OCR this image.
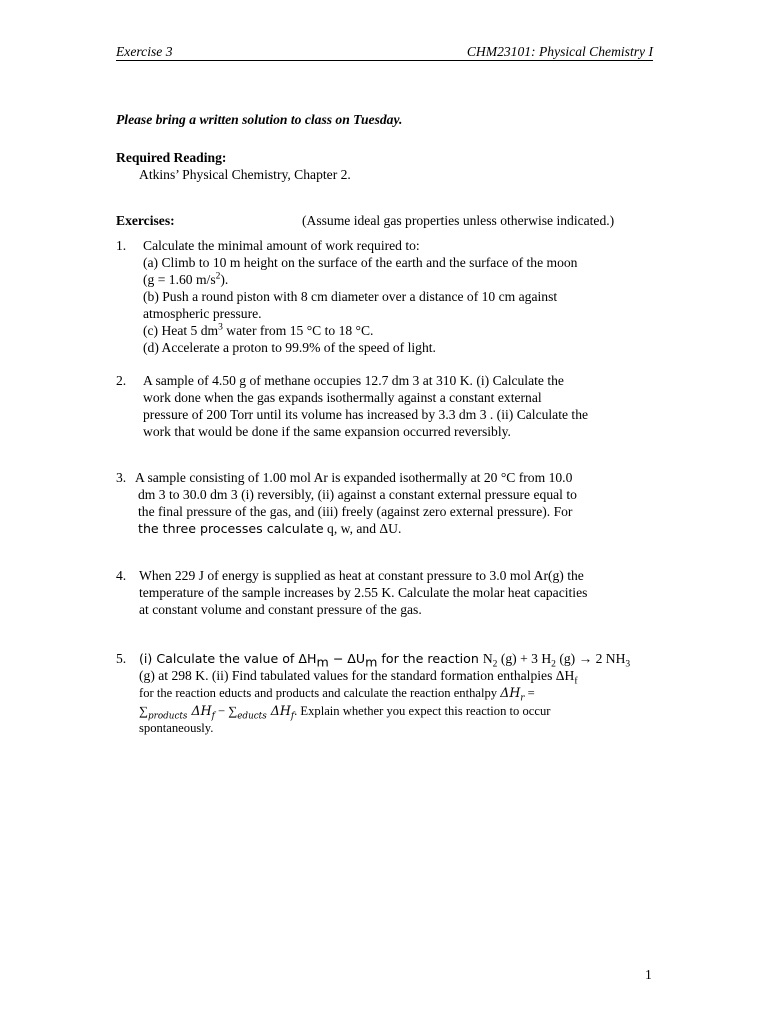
Exercise 3	CHM23101: Physical Chemistry I
Please bring a written solution to class on Tuesday.
Required Reading:
Atkins’ Physical Chemistry, Chapter 2.
Exercises:	(Assume ideal gas properties unless otherwise indicated.)
1. Calculate the minimal amount of work required to:
(a) Climb to 10 m height on the surface of the earth and the surface of the moon
(g = 1.60 $m/s^2$).
(b) Push a round piston with 8 cm diameter over a distance of 10 cm against
atmospheric pressure.
(c) Heat 5 $dm^3$ water from 15 °C to 18 °C.
(d) Accelerate a proton to 99.9% of the speed of light.
2. A sample of 4.50 g of methane occupies 12.7 dm 3 at 310 K. (i) Calculate the
work done when the gas expands isothermally against a constant external
pressure of 200 Torr until its volume has increased by 3.3 dm 3 . (ii) Calculate the
work that would be done if the same expansion occurred reversibly.
3. A sample consisting of 1.00 mol Ar is expanded isothermally at 20 °C from 10.0
dm 3 to 30.0 dm 3 (i) reversibly, (ii) against a constant external pressure equal to
the final pressure of the gas, and (iii) freely (against zero external pressure). For
the three processes calculate q, w, and ΔU.
4. When 229 J of energy is supplied as heat at constant pressure to 3.0 mol Ar(g) the
temperature of the sample increases by 2.55 K. Calculate the molar heat capacities
at constant volume and constant pressure of the gas.
5. (i) Calculate the value of $\Delta H_m - \Delta U_m$ for the reaction $N_2$ (g) + 3 $H_2$ (g) → 2 $NH_3$
(g) at 298 K. (ii) Find tabulated values for the standard formation enthalpies $\Delta H_f$
for the reaction educts and products and calculate the reaction enthalpy $\Delta H_r$ =
$\sum_{products}$ $\Delta H_f - \sum_{educts}$ $\Delta H_f$. Explain whether you expect this reaction to occur
spontaneously.
1
